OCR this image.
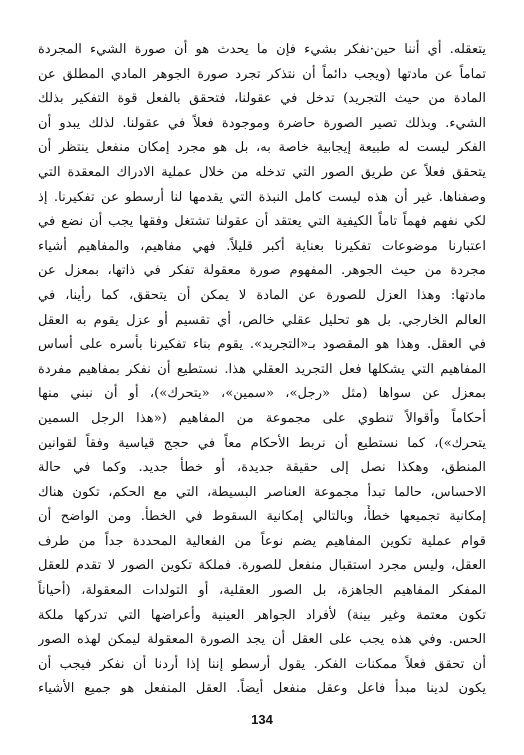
يتعقله. أي أننا حين·نفكر بشيء فإن ما يحدث هو أن صورة الشيء المجردة
تماماً عن مادتها (ويجب دائماً أن نتذكر تجرد صورة الجوهر المادي المطلق عن
المادة من حيث التجريد) تدخل في عقولنا، فتحقق بالفعل قوة التفكير بذلك
الشيء. وبذلك تصير الصورة حاضرة وموجودة فعلاً في عقولنا. لذلك يبدو أن
الفكر ليست له طبيعة إيجابية خاصة به، بل هو مجرد إمكان منفعل ينتظر أن
يتحقق فعلاً عن طريق الصور التي تدخله من خلال عملية الادراك المعقدة التي
وصفناها. غير أن هذه ليست كامل النبذة التي يقدمها لنا أرسطو عن تفكيرنا. إذ
لكي نفهم فهماً تاماً الكيفية التي يعتقد أن عقولنا تشتغل وفقها يجب أن نضع في
اعتبارنا موضوعات تفكيرنا بعناية أكبر قليلاً. فهي مفاهيم، والمفاهيم أشياء
مجردة من حيث الجوهر. المفهوم صورة معقولة تفكر في ذاتها، بمعزل عن
مادتها: وهذا العزل للصورة عن المادة لا يمكن أن يتحقق، كما رأينا، في
العالم الخارجي. بل هو تحليل عقلي خالص، أي تقسيم أو عزل يقوم به العقل
في العقل. وهذا هو المقصود بـ«التجريد». يقوم بناء تفكيرنا بأسره على أساس
المفاهيم التي يشكلها فعل التجريد العقلي هذا. نستطيع أن نفكر بمفاهيم مفردة
بمعزل عن سواها (مثل «رجل»، «سمين»، «يتحرك»)، أو أن نبني منها
أحكاماً وأقوالاً تنطوي على مجموعة من المفاهيم («هذا الرجل السمين
يتحرك»)، كما نستطيع أن نربط الأحكام معاً في حجج قياسية وفقاً لقوانين
المنطق، وهكذا نصل إلى حقيقة جديدة، أو خطأ جديد. وكما في حالة
الاحساس، حالما تبدأ مجموعة العناصر البسيطة، التي مع الحكم، تكون هناك
إمكانية تجميعها خطأً، وبالتالي إمكانية السقوط في الخطأ. ومن الواضح أن
قوام عملية تكوين المفاهيم يضم نوعاً من الفعالية المحددة جداً من طرف
العقل، وليس مجرد استقبال منفعل للصورة. فملكة تكوين الصور لا تقدم للعقل
المفكر المفاهيم الجاهزة، بل الصور العقلية، أو التولدات المعقولة، (أحياناً
تكون معتمة وغير بينة) لأفراد الجواهر العينية وأعراضها التي تدركها ملكة
الحس. وفي هذه يجب على العقل أن يجد الصورة المعقولة ليمكن لهذه الصور
أن تحقق فعلاً ممكنات الفكر. يقول أرسطو إننا إذا أردنا أن نفكر فيجب أن
يكون لدينا مبدأ فاعل وعقل منفعل أيضاً. العقل المنفعل هو جميع الأشياء
134
